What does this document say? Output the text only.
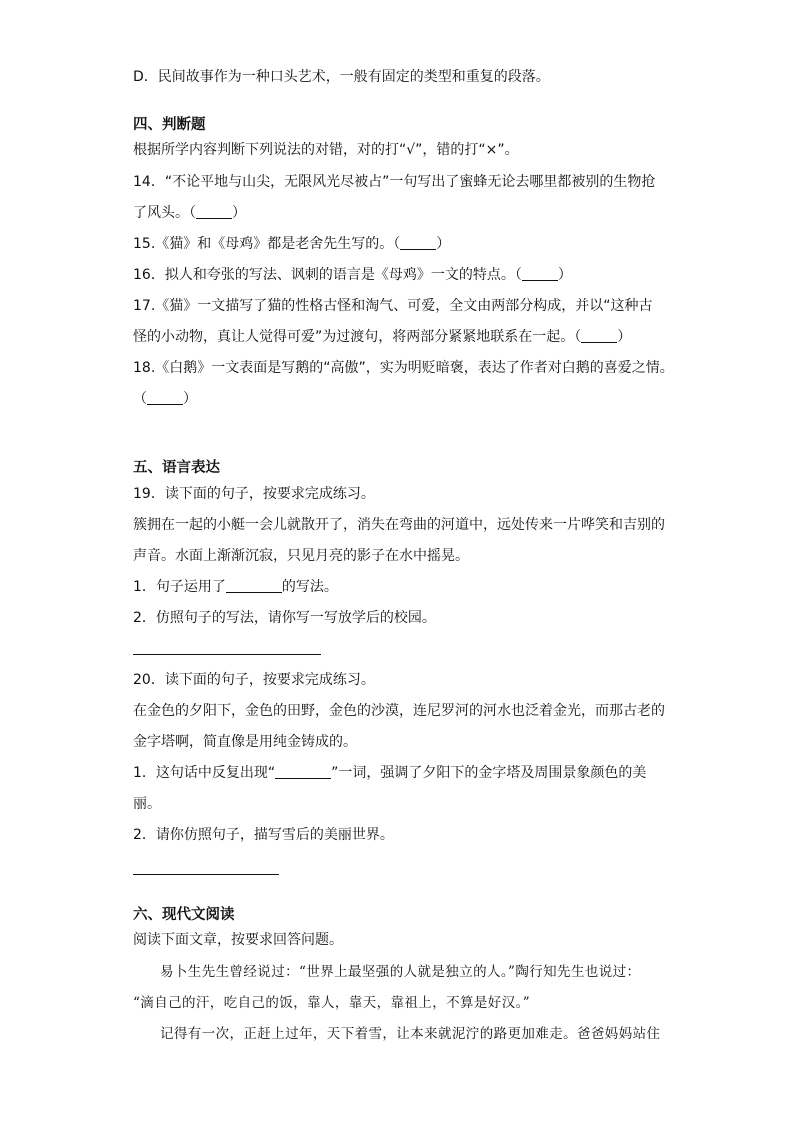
D．民间故事作为一种口头艺术，一般有固定的类型和重复的段落。
四、判断题
根据所学内容判断下列说法的对错，对的打“√”，错的打“×”。
14．“不论平地与山尖，无限风光尽被占”一句写出了蜜蜂无论去哪里都被别的生物抢
了风头。（	）
15.《猫》和《母鸡》都是老舍先生写的。（	）
16．拟人和夸张的写法、讽刺的语言是《母鸡》一文的特点。（	）
17.《猫》一文描写了猫的性格古怪和淘气、可爱，全文由两部分构成，并以“这种古
怪的小动物，真让人觉得可爱”为过渡句，将两部分紧紧地联系在一起。（	）
18.《白鹅》一文表面是写鹅的“高傲”，实为明贬暗褒，表达了作者对白鹅的喜爱之情。
（	）
五、语言表达
19．读下面的句子，按要求完成练习。
簇拥在一起的小艇一会儿就散开了，消失在弯曲的河道中，远处传来一片哗笑和吉别的
声音。水面上渐渐沉寂，只见月亮的影子在水中摇晃。
1．句子运用了	的写法。
2．仿照句子的写法，请你写一写放学后的校园。
20．读下面的句子，按要求完成练习。
在金色的夕阳下，金色的田野，金色的沙漠，连尼罗河的河水也泛着金光，而那古老的
金字塔啊，简直像是用纯金铸成的。
1．这句话中反复出现“	”一词，强调了夕阳下的金字塔及周围景象颜色的美
丽。
2．请你仿照句子，描写雪后的美丽世界。
六、现代文阅读
阅读下面文章，按要求回答问题。
易卜生先生曾经说过：“世界上最坚强的人就是独立的人。”陶行知先生也说过：
“滴自己的汗，吃自己的饭，靠人，靠天，靠祖上，不算是好汉。”
记得有一次，正赶上过年，天下着雪，让本来就泥泞的路更加难走。爸爸妈妈站住
